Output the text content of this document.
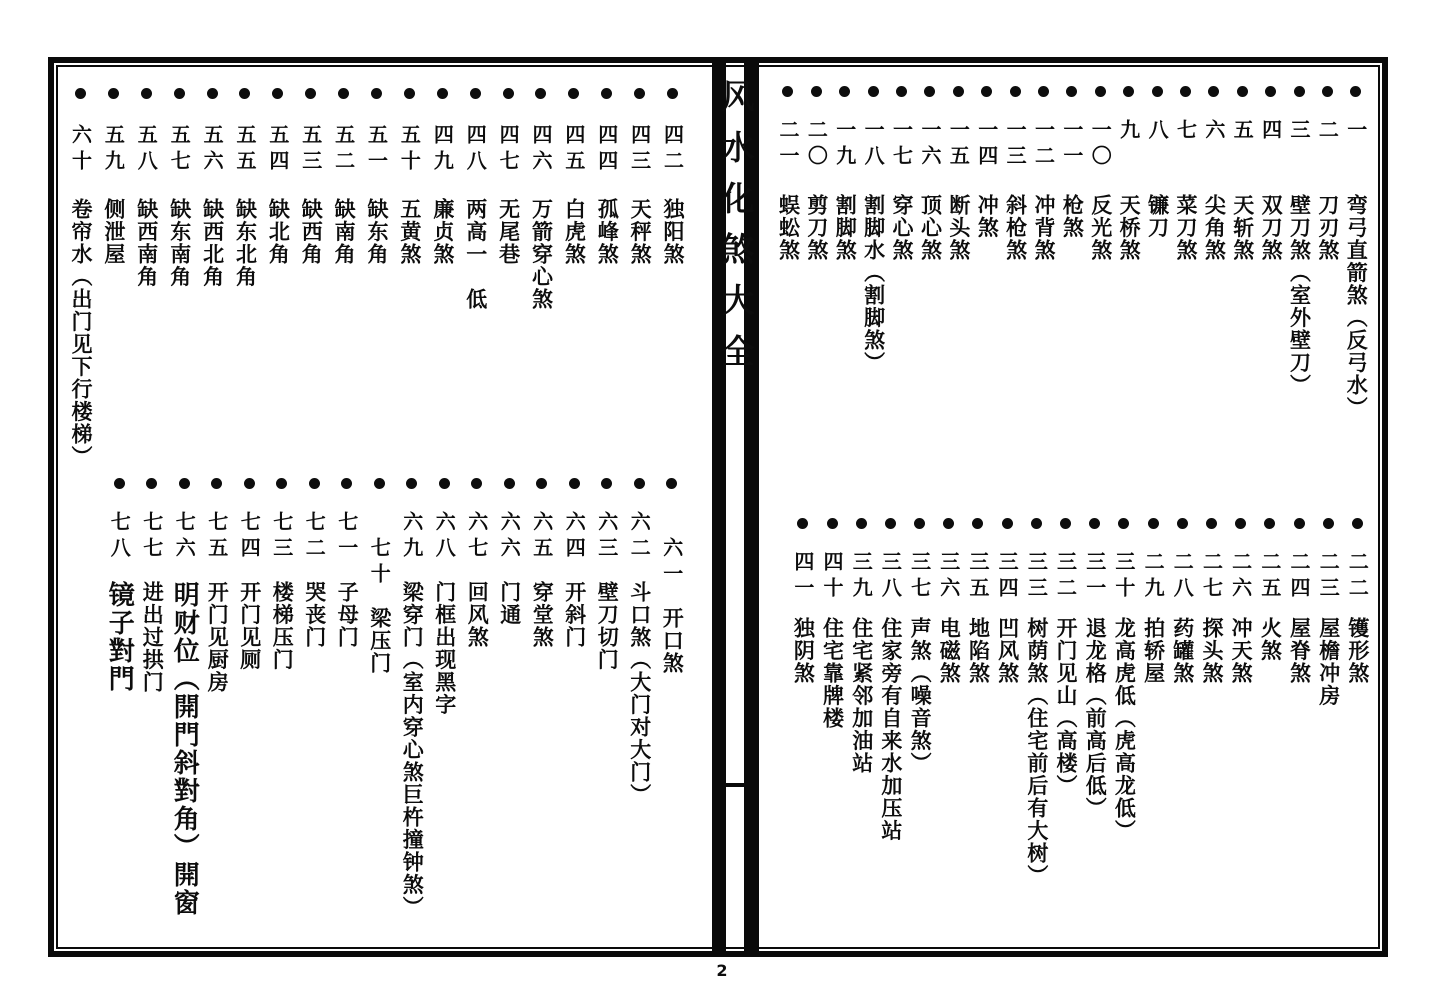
一
弯弓直箭煞（反弓水）
二
刀刃煞
三
壁刀煞（室外壁刀）
四
双刀煞
五
天斩煞
六
尖角煞
七
菜刀煞
八
镰刀
九
天桥煞
一〇
反光煞
一一
枪煞
一二
冲背煞
一三
斜枪煞
一四
冲煞
一五
断头煞
一六
顶心煞
一七
穿心煞
一八
割脚水（割脚煞）
一九
割脚煞
二〇
剪刀煞
二一
蜈蚣煞
二二
镬形煞
二三
屋檐冲房
二四
屋脊煞
二五
火煞
二六
冲天煞
二七
探头煞
二八
药罐煞
二九
拍轿屋
三十
龙高虎低（虎高龙低）
三一
退龙格（前高后低）
三二
开门见山（高楼）
三三
树荫煞（住宅前后有大树）
三四
凹风煞
三五
地陷煞
三六
电磁煞
三七
声煞（噪音煞）
三八
住家旁有自来水加压站
三九
住宅紧邻加油站
四十
住宅靠牌楼
四一
独阴煞
四二
独阳煞
四三
天秤煞
四四
孤峰煞
四五
白虎煞
四六
万箭穿心煞
四七
无尾巷
四八
两高一　低
四九
廉贞煞
五十
五黄煞
五一
缺东角
五二
缺南角
五三
缺西角
五四
缺北角
五五
缺东北角
五六
缺西北角
五七
缺东南角
五八
缺西南角
五九
侧泄屋
六十
卷帘水（出门见下行楼梯）
六一
开口煞
六二
斗口煞（大门对大门）
六三
壁刀切门
六四
开斜门
六五
穿堂煞
六六
门通
六七
回风煞
六八
门框出现黑字
六九
梁穿门（室内穿心煞巨杵撞钟煞）
七十
梁压门
七一
子母门
七二
哭丧门
七三
楼梯压门
七四
开门见厕
七五
开门见厨房
七六
明财位（開門斜對角）開窗
七七
进出过拱门
七八
镜子對門
风水化煞大全
2
